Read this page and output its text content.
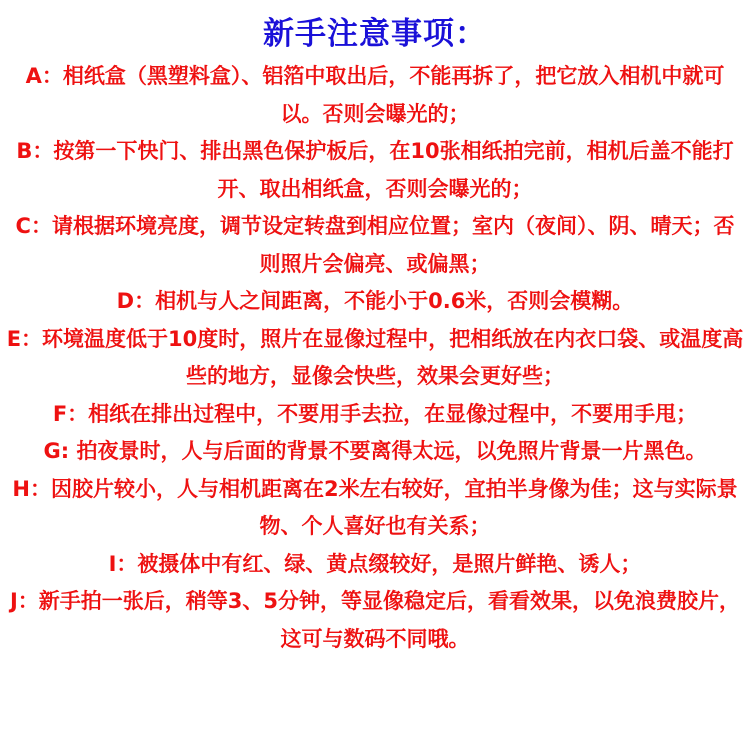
新手注意事项：

A：相纸盒（黑塑料盒）、铝箔中取出后，不能再拆了，把它放入相机中就可以。否则会曝光的；

B：按第一下快门、排出黑色保护板后，在10张相纸拍完前，相机后盖不能打开、取出相纸盒，否则会曝光的；

C：请根据环境亮度，调节设定转盘到相应位置；室内（夜间）、阴、晴天；否则照片会偏亮、或偏黑；

D：相机与人之间距离，不能小于0.6米，否则会模糊。

E：环境温度低于10度时，照片在显像过程中，把相纸放在内衣口袋、或温度高些的地方，显像会快些，效果会更好些；

F：相纸在排出过程中，不要用手去拉，在显像过程中，不要用手甩；

G: 拍夜景时，人与后面的背景不要离得太远，以免照片背景一片黑色。

H：因胶片较小，人与相机距离在2米左右较好，宜拍半身像为佳；这与实际景物、个人喜好也有关系；

I：被摄体中有红、绿、黄点缀较好，是照片鲜艳、诱人；

J：新手拍一张后，稍等3、5分钟，等显像稳定后，看看效果，以免浪费胶片，这可与数码不同哦。
